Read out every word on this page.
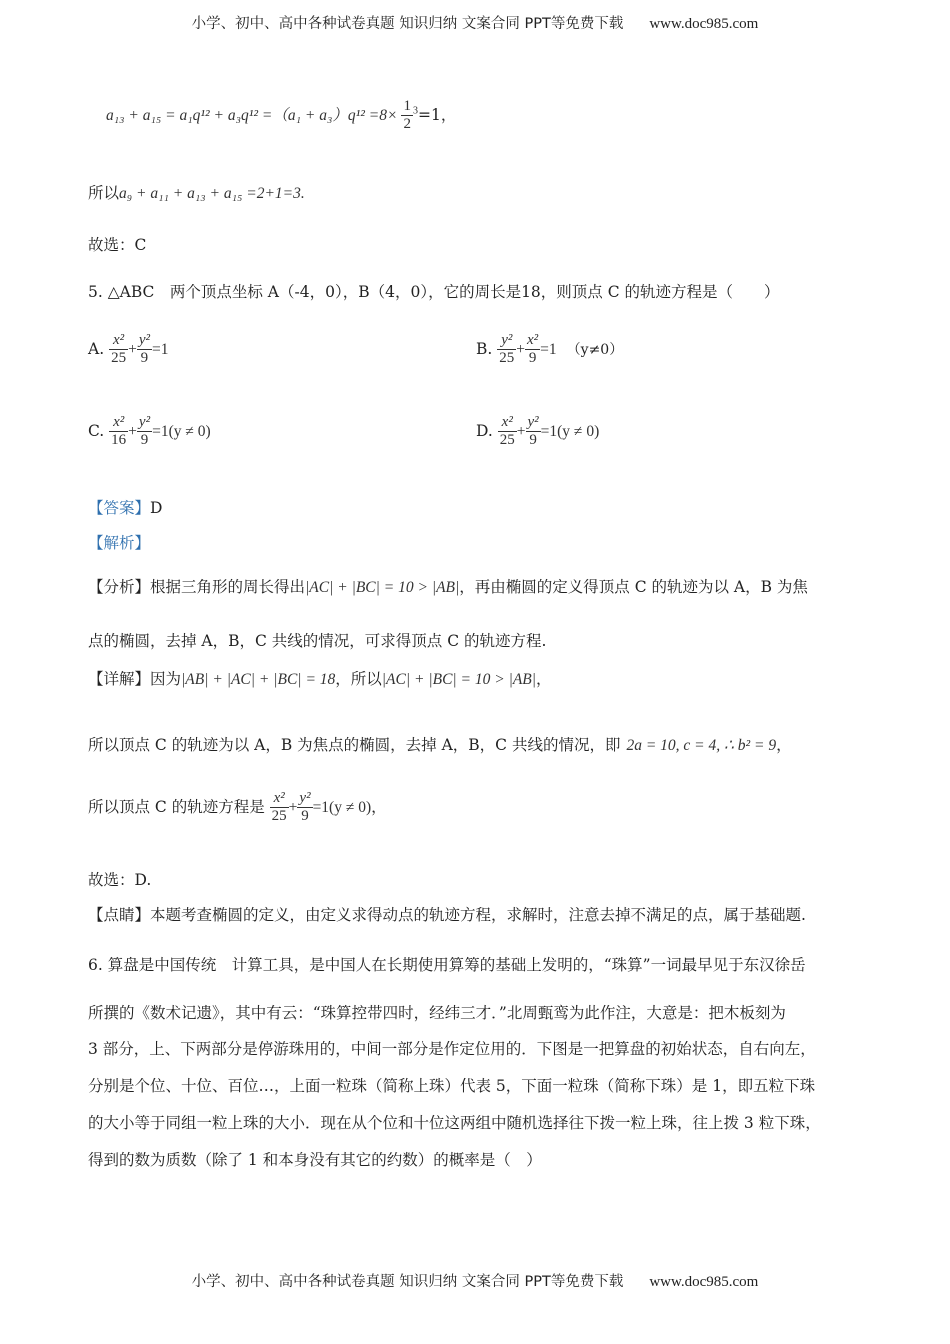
小学、初中、高中各种试卷真题 知识归纳 文案合同 PPT等免费下载 www.doc985.com
$a_{13} + a_{15} = a_1q^{12} + a_3q^{12} =(a_1 + a_3)q^{12} =8\times \frac{1}{2} ^3=1$，
所以a₉ + a₁₁ + a₁₃ + a₁₅ =2+1=3.
故选：C
5. △ABC　两个顶点坐标 A（-4，0），B（4，0），它的周长是18，则顶点 C 的轨迹方程是（　　）
A. $\frac{\text{x²}}{25} + \frac{\text{y²}}{9} =1$	B. $\frac{\text{y²}}{25} + \frac{\text{x²}}{9} =1$ （y≠0）
C. $\frac{\text{x²}}{16} + \frac{\text{y²}}{9} =1(y \ne 0)$	D. $\frac{\text{x²}}{25} + \frac{\text{y²}}{9} =1(y \ne 0)$
【答案】D
【解析】
【分析】根据三角形的周长得出|AC| + |BC| = 10 > |AB|，再由椭圆的定义得顶点 C 的轨迹为以 A，B 为焦
点的椭圆，去掉 A，B，C 共线的情况，可求得顶点 C 的轨迹方程.
【详解】因为|AB| + |AC| + |BC| = 18，所以|AC| + |BC| = 10 > |AB|，
所以顶点 C 的轨迹为以 A，B 为焦点的椭圆，去掉 A，B，C 共线的情况，即 2a = 10, c = 4, ∴ b² = 9，
所以顶点 C 的轨迹方程是 $\frac{\text{x²}}{25} + \frac{\text{y²}}{9} =1(y \ne 0)$，
故选：D.
【点睛】本题考查椭圆的定义，由定义求得动点的轨迹方程，求解时，注意去掉不满足的点，属于基础题.
6. 算盘是中国传统　计算工具，是中国人在长期使用算筹的基础上发明的，“珠算”一词最早见于东汉徐岳
所撰的《数术记遗》，其中有云：“珠算控带四时，经纬三才．”北周甄鸾为此作注，大意是：把木板刻为
3 部分，上、下两部分是停游珠用的，中间一部分是作定位用的．下图是一把算盘的初始状态，自右向左，
分别是个位、十位、百位…，上面一粒珠（简称上珠）代表 5，下面一粒珠（简称下珠）是 1，即五粒下珠
的大小等于同组一粒上珠的大小．现在从个位和十位这两组中随机选择往下拨一粒上珠，往上拨 3 粒下珠，
得到的数为质数（除了 1 和本身没有其它的约数）的概率是（　）
小学、初中、高中各种试卷真题 知识归纳 文案合同 PPT等免费下载 www.doc985.com
